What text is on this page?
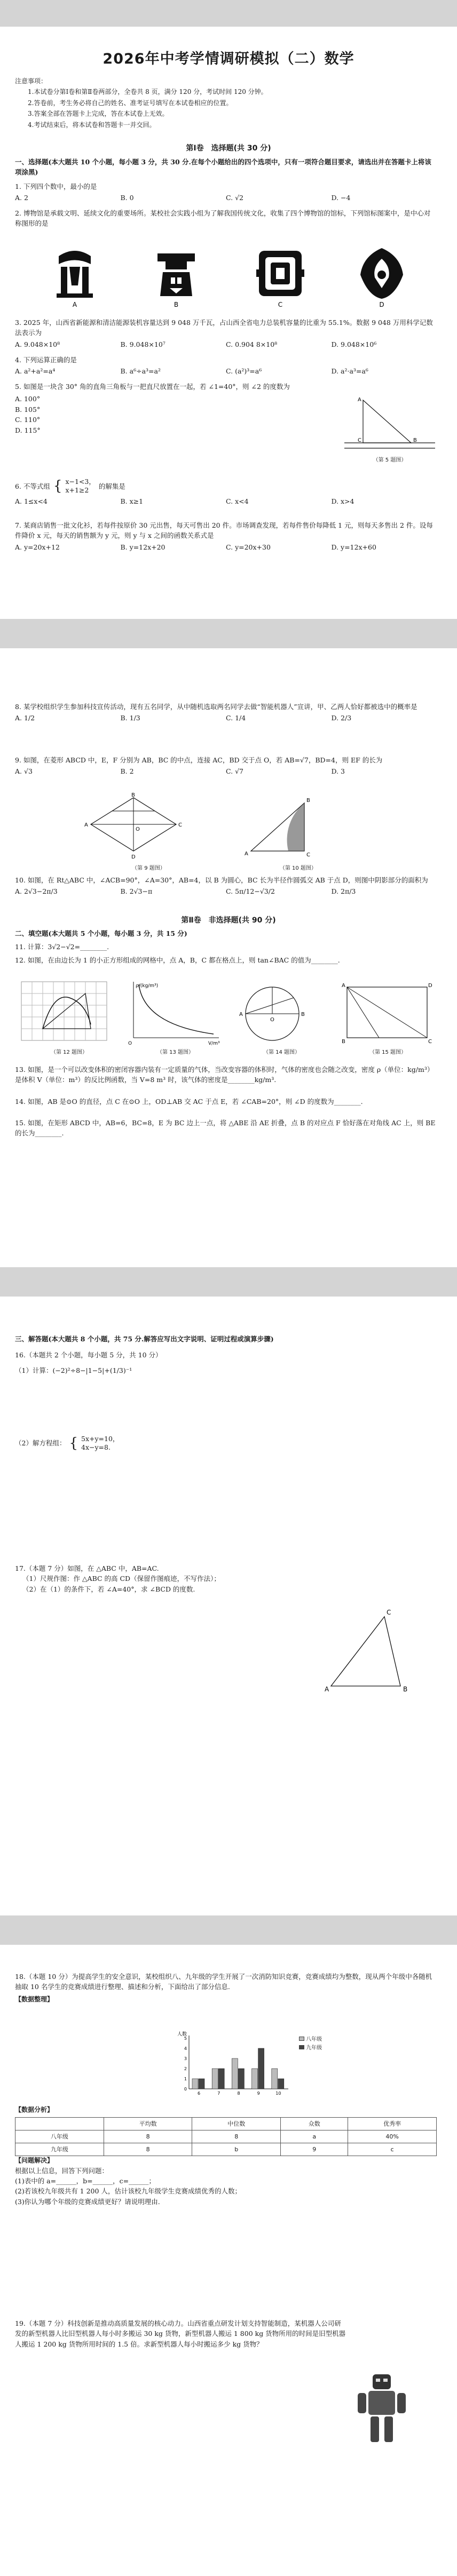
2026年中考学情调研模拟（二）数学
注意事项：
1.本试卷分第Ⅰ卷和第Ⅱ卷两部分，全卷共 8 页，满分 120 分，考试时间 120 分钟。
2.答卷前，考生务必将自己的姓名、准考证号填写在本试卷相应的位置。
3.答案全部在答题卡上完成，答在本试卷上无效。
4.考试结束后，将本试卷和答题卡一并交回。
第Ⅰ卷　选择题(共 30 分)
一、选择题(本大题共 10 个小题，每小题 3 分，共 30 分.在每个小题给出的四个选项中，只有一项符合题目要求，请选出并在答题卡上将该项涂黑)
1. 下列四个数中，最小的是
A. 2	B. 0	C. √2	D. −4
2. 博物馆是承载文明、延续文化的重要场所。某校社会实践小组为了解我国传统文化，收集了四个博物馆的馆标，下列馆标图案中，是中心对称图形的是
A	B	C	D
3. 2025 年，山西省新能源和清洁能源装机容量达到 9 048 万千瓦，占山西全省电力总装机容量的比重为 55.1%。数据 9 048 万用科学记数法表示为
A. 9.048×10⁸	B. 9.048×10⁷	C. 0.904 8×10⁸	D. 9.048×10⁶
4. 下列运算正确的是
A. a²+a²=a⁴	B. a⁶÷a³=a²	C. (a²)³=a⁶	D. a²·a³=a⁶
5. 如图是一块含 30° 角的直角三角板与一把直尺放置在一起，若 ∠1=40°，则 ∠2 的度数为
A. 100°
B. 105°
C. 110°
D. 115°
A
B
C
（第 5 题图）
6. 不等式组 { x−1<3，
x+1≥2
的解集是
A. 1≤x<4	B. x≥1	C. x<4	D. x>4
7. 某商店销售一批文化衫，若每件按原价 30 元出售，每天可售出 20 件。市场调查发现，若每件售价每降低 1 元，则每天多售出 2 件。设每件降价 x 元，每天的销售额为 y 元，则 y 与 x 之间的函数关系式是
A. y=20x+12	B. y=12x+20	C. y=20x+30	D. y=12x+60
8. 某学校组织学生参加科技宣传活动，现有五名同学，从中随机选取两名同学去做“智能机器人”宣讲，甲、乙两人恰好都被选中的概率是
A. 1/2	B. 1/3	C. 1/4	D. 2/3
9. 如图，在菱形 ABCD 中，E，F 分别为 AB，BC 的中点，连接 AC，BD 交于点 O，若 AB=√7，BD=4，则 EF 的长为
A. √3	B. 2	C. √7	D. 3
A
B
C
D
O
A
B
C
（第 9 题图）	（第 10 题图）
10. 如图，在 Rt△ABC 中，∠ACB=90°，∠A=30°，AB=4，以 B 为圆心，BC 长为半径作圆弧交 AB 于点 D，则图中阴影部分的面积为
A. 2√3−2π/3	B. 2√3−π	C. 5π/12−√3/2	D. 2π/3
第Ⅱ卷　非选择题(共 90 分)
二、填空题(本大题共 5 个小题，每小题 3 分，共 15 分)
11. 计算：3√2−√2=________.
12. 如图，在由边长为 1 的小正方形组成的网格中，点 A，B，C 都在格点上，则 tan∠BAC 的值为________.
ρ/(kg/m³)
V/m³
O
A	B
O
A
B	C
D
（第 12 题图）	（第 13 题图）	（第 14 题图）	（第 15 题图）
13. 如图，是一个可以改变体积的密闭容器内装有一定质量的气体，当改变容器的体积时，气体的密度也会随之改变，密度 ρ（单位：kg/m³）是体积 V（单位：m³）的反比例函数，当 V=8 m³ 时，该气体的密度是________kg/m³.
14. 如图，AB 是⊙O 的直径，点 C 在⊙O 上，OD⊥AB 交 AC 于点 E，若 ∠CAB=20°，则 ∠D 的度数为________.
15. 如图，在矩形 ABCD 中，AB=6，BC=8，E 为 BC 边上一点，将 △ABE 沿 AE 折叠，点 B 的对应点 F 恰好落在对角线 AC 上，则 BE 的长为________.
三、解答题(本大题共 8 个小题，共 75 分.解答应写出文字说明、证明过程或演算步骤)
16.（本题共 2 个小题，每小题 5 分，共 10 分）
（1）计算：(−2)²÷8−|1−5|+(1/3)⁻¹
（2）解方程组： { 5x+y=10，
4x−y=8.
17.（本题 7 分）如图，在 △ABC 中，AB=AC.
（1）尺规作图：作 △ABC 的高 CD（保留作图痕迹，不写作法）；
（2）在（1）的条件下，若 ∠A=40°，求 ∠BCD 的度数.
A	B
C
18.（本题 10 分）为提高学生的安全意识，某校组织八、九年级的学生开展了一次消防知识竞赛，竞赛成绩均为整数，现从两个年级中各随机抽取 10 名学生的竞赛成绩进行整理、描述和分析，下面给出了部分信息.
【数据整理】
人数
0
1
2
3
4
5
6	7	8	9	10
八年级
九年级
【数据分析】
	平均数	中位数	众数	优秀率
八年级	8	8	a	40%
九年级	8	b	9	c
【问题解决】
根据以上信息，回答下列问题：
(1)表中的 a=______，b=______，c=______；
(2)若该校九年级共有 1 200 人，估计该校九年级学生竞赛成绩优秀的人数；
(3)你认为哪个年级的竞赛成绩更好？请说明理由.
19.（本题 7 分）科技创新是推动高质量发展的核心动力。山西省重点研发计划支持智能制造，某机器人公司研发的新型机器人比旧型机器人每小时多搬运 30 kg 货物，新型机器人搬运 1 800 kg 货物所用的时间是旧型机器人搬运 1 200 kg 货物所用时间的 1.5 倍。求新型机器人每小时搬运多少 kg 货物？
